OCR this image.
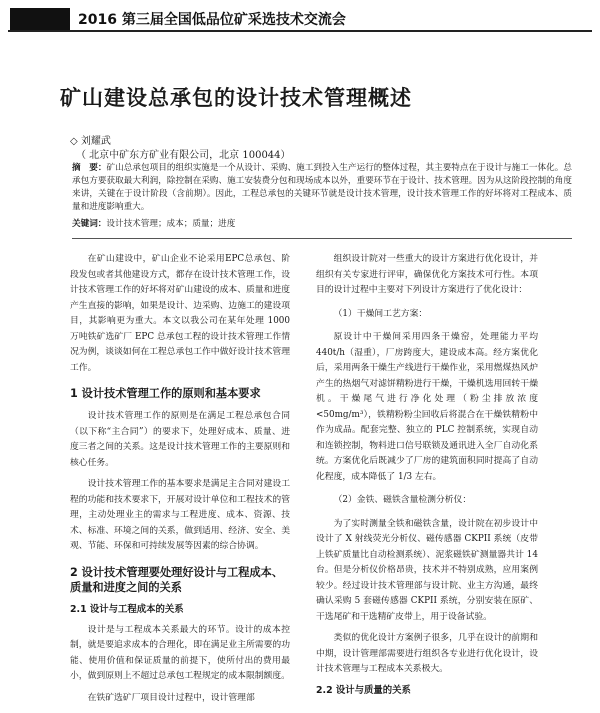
2016 第三届全国低品位矿采选技术交流会
矿山建设总承包的设计技术管理概述
◇ 刘耀武
（ 北京中矿东方矿业有限公司，北京 100044）
摘　要：矿山总承包项目的组织实施是一个从设计、采购、施工到投入生产运行的整体过程，其主要特点在于设计与施工一体化。总承包方要获取最大利润，除控制在采购、施工安装费分包和现场成本以外，重要环节在于设计、技术管理。因为从这阶段控制的角度来讲，关键在于设计阶段（含前期）。因此，工程总承包的关键环节就是设计技术管理，设计技术管理工作的好坏将对工程成本、质量和进度影响重大。
关键词：设计技术管理；成本；质量；进度

在矿山建设中，矿山企业不论采用EPC总承包、阶段发包或者其他建设方式，都存在设计技术管理工作，设计技术管理工作的好坏将对矿山建设的成本、质量和进度产生直接的影响，如果是设计、边采购、边施工的建设项目，其影响更为重大。本文以我公司在某年处理 1000 万吨铁矿选矿厂 EPC 总承包工程的设计技术管理工作情况为例，谈谈如何在工程总承包工作中做好设计技术管理工作。

1 设计技术管理工作的原则和基本要求

设计技术管理工作的原则是在满足工程总承包合同（以下称“主合同”）的要求下，处理好成本、质量、进度三者之间的关系。这是设计技术管理工作的主要原则和核心任务。

设计技术管理工作的基本要求是满足主合同对建设工程的功能和技术要求下，开展对设计单位和工程技术的管理，主动处理业主的需求与工程进度、成本、资源、技术、标准、环境之间的关系，做到适用、经济、安全、美观、节能、环保和可持续发展等因素的综合协调。

2 设计技术管理要处理好设计与工程成本、质量和进度之间的关系
2.1 设计与工程成本的关系

设计是与工程成本关系最大的环节。设计的成本控制，就是要追求成本的合理化，即在满足业主所需要的功能、使用价值和保证质量的前提下，使所付出的费用最小，做到原则上不超过总承包工程规定的成本限制额度。

在铁矿选矿厂项目设计过程中，设计管理部

组织设计院对一些重大的设计方案进行优化设计，并组织有关专家进行评审，确保优化方案技术可行性。本项目的设计过程中主要对下列设计方案进行了优化设计：

（1）干燥间工艺方案：

原设计中干燥间采用四条干燥窑，处理能力平均 440t/h（湿重），厂房跨度大，建设成本高。经方案优化后，采用两条干燥生产线进行干燥作业，采用燃煤热风炉产生的热烟气对滤饼精粉进行干燥，干燥机选用回转干燥机。干燥尾气进行净化处理（粉尘排放浓度 <50mg/m³），铁精粉粉尘回收后将混合在干燥铁精粉中作为成品。配套完整、独立的 PLC 控制系统，实现自动和连锁控制，物料进口信号联锁及通讯进入全厂自动化系统。方案优化后既减少了厂房的建筑面积同时提高了自动化程度，成本降低了 1/3 左右。

（2）金铁、磁铁含量检测分析仪：

为了实时测量全铁和磁铁含量，设计院在初步设计中设计了 X 射线荧光分析仪、磁传感器 CKPII 系统（皮带上铁矿质量比自动检测系统）、泥浆磁铁矿测量器共计 14 台。但是分析仪价格昂贵，技术并不特别成熟，应用案例较少。经过设计技术管理部与设计院、业主方沟通，最终确认采购 5 套磁传感器 CKPII 系统，分别安装在原矿、干选尾矿和干选精矿皮带上，用于设备试验。

类似的优化设计方案例子很多，几乎在设计的前期和中期，设计管理部需要进行组织各专业进行优化设计，设计技术管理与工程成本关系极大。

2.2 设计与质量的关系
